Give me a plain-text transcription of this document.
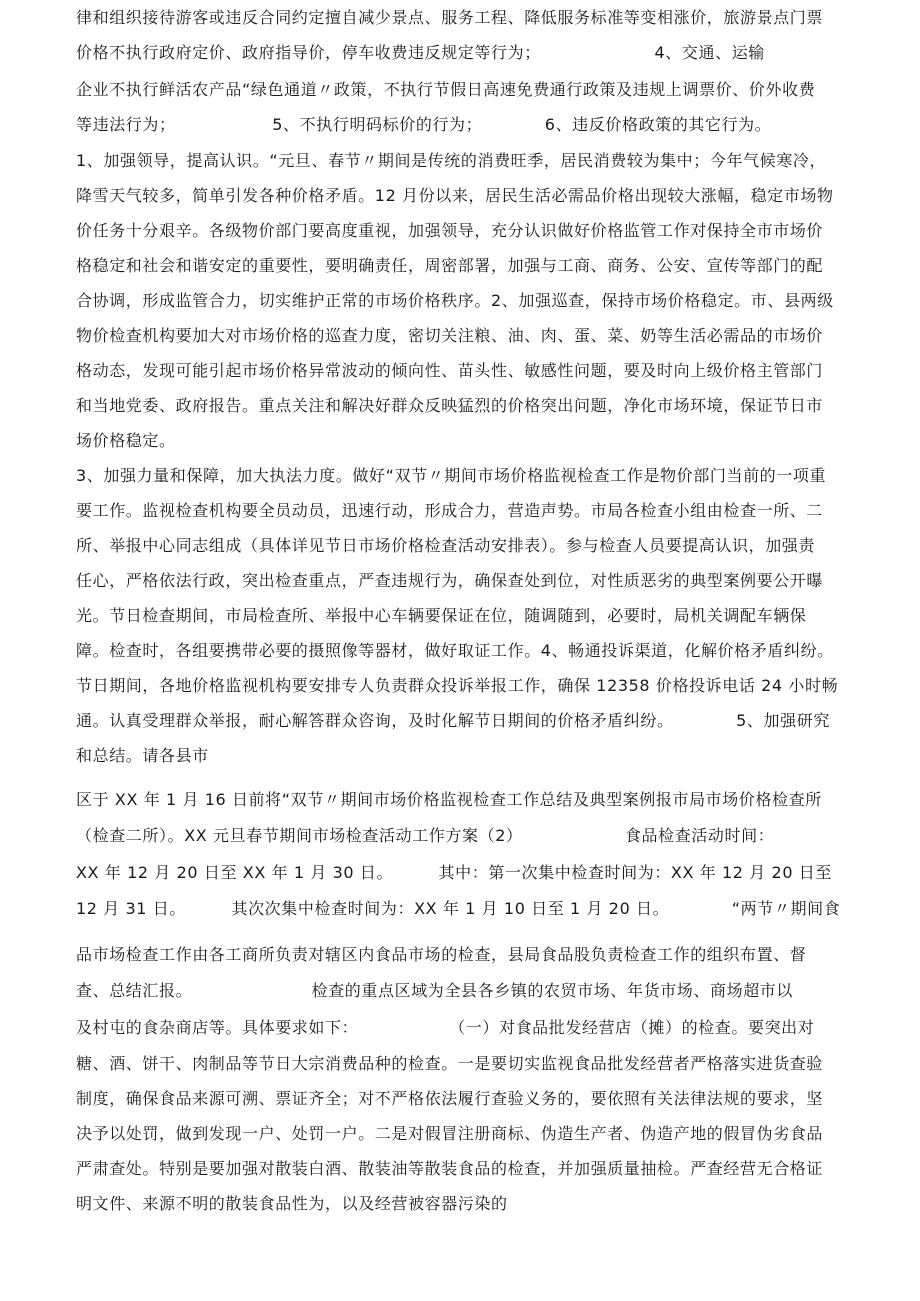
律和组织接待游客或违反合同约定擅自减少景点、服务工程、降低服务标准等变相涨价，旅游景点门票
价格不执行政府定价、政府指导价，停车收费违反规定等行为；                    4、交通、运输
企业不执行鲜活农产品“绿色通道〃政策，不执行节假日高速免费通行政策及违规上调票价、价外收费
等违法行为；                 5、不执行明码标价的行为；           6、违反价格政策的其它行为。
1、加强领导，提高认识。“元旦、春节〃期间是传统的消费旺季，居民消费较为集中；今年气候寒冷，
降雪天气较多，简单引发各种价格矛盾。12 月份以来，居民生活必需品价格出现较大涨幅，稳定市场物
价任务十分艰辛。各级物价部门要高度重视，加强领导，充分认识做好价格监管工作对保持全市市场价
格稳定和社会和谐安定的重要性，要明确责任，周密部署，加强与工商、商务、公安、宣传等部门的配
合协调，形成监管合力，切实维护正常的市场价格秩序。2、加强巡查，保持市场价格稳定。市、县两级
物价检查机构要加大对市场价格的巡查力度，密切关注粮、油、肉、蛋、菜、奶等生活必需品的市场价
格动态，发现可能引起市场价格异常波动的倾向性、苗头性、敏感性问题，要及时向上级价格主管部门
和当地党委、政府报告。重点关注和解决好群众反映猛烈的价格突出问题，净化市场环境，保证节日市
场价格稳定。
3、加强力量和保障，加大执法力度。做好“双节〃期间市场价格监视检查工作是物价部门当前的一项重
要工作。监视检查机构要全员动员，迅速行动，形成合力，营造声势。市局各检查小组由检查一所、二
所、举报中心同志组成（具体详见节日市场价格检查活动安排表）。参与检查人员要提高认识，加强责
任心，严格依法行政，突出检查重点，严查违规行为，确保查处到位，对性质恶劣的典型案例要公开曝
光。节日检查期间，市局检查所、举报中心车辆要保证在位，随调随到，必要时，局机关调配车辆保
障。检查时，各组要携带必要的摄照像等器材，做好取证工作。4、畅通投诉渠道，化解价格矛盾纠纷。
节日期间，各地价格监视机构要安排专人负责群众投诉举报工作，确保 12358 价格投诉电话 24 小时畅
通。认真受理群众举报，耐心解答群众咨询，及时化解节日期间的价格矛盾纠纷。           5、加强研究
和总结。请各县市
区于 XX 年 1 月 16 日前将“双节〃期间市场价格监视检查工作总结及典型案例报市局市场价格检查所
（检查二所）。XX 元旦春节期间市场检查活动工作方案（2）                  食品检查活动时间：
XX 年 12 月 20 日至 XX 年 1 月 30 日。        其中：第一次集中检查时间为：XX 年 12 月 20 日至
12 月 31 日。        其次次集中检查时间为：XX 年 1 月 10 日至 1 月 20 日。           “两节〃期间食
品市场检查工作由各工商所负责对辖区内食品市场的检查，县局食品股负责检查工作的组织布置、督
查、总结汇报。                     检查的重点区域为全县各乡镇的农贸市场、年货市场、商场超市以
及村屯的食杂商店等。具体要求如下：                （一）对食品批发经营店（摊）的检查。要突出对
糖、酒、饼干、肉制品等节日大宗消费品种的检查。一是要切实监视食品批发经营者严格落实进货查验
制度，确保食品来源可溯、票证齐全；对不严格依法履行查验义务的，要依照有关法律法规的要求，坚
决予以处罚，做到发现一户、处罚一户。二是对假冒注册商标、伪造生产者、伪造产地的假冒伪劣食品
严肃查处。特别是要加强对散装白酒、散装油等散装食品的检查，并加强质量抽检。严查经营无合格证
明文件、来源不明的散装食品性为，以及经营被容器污染的
